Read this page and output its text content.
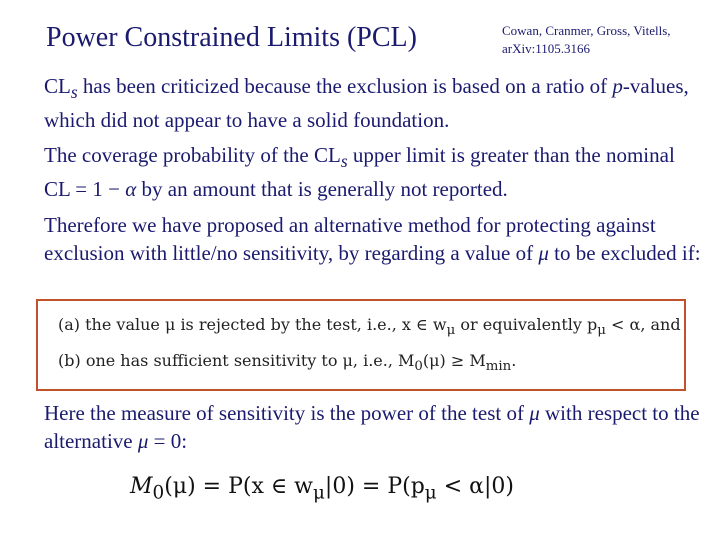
Power Constrained Limits (PCL)	Cowan, Cranmer, Gross, Vitells,
arXiv:1105.3166
$CL_s$ has been criticized because the exclusion is based on a ratio of p-values, which did not appear to have a solid foundation.
The coverage probability of the $CL_s$ upper limit is greater than the nominal CL = 1 − α by an amount that is generally not reported.
Therefore we have proposed an alternative method for protecting against exclusion with little/no sensitivity, by regarding a value of μ to be excluded if:
(a) the value μ is rejected by the test, i.e., x ∈ $w_\mu$ or equivalently $p_\mu < \alpha$, and
(b) one has sufficient sensitivity to μ, i.e., $M_0(\mu) \ge M_{min}$.
Here the measure of sensitivity is the power of the test of μ with respect to the alternative μ = 0:
$M_0(\mu) = P(x$ ∈ $w_\mu|0) = P(p_\mu < \alpha|0)$
